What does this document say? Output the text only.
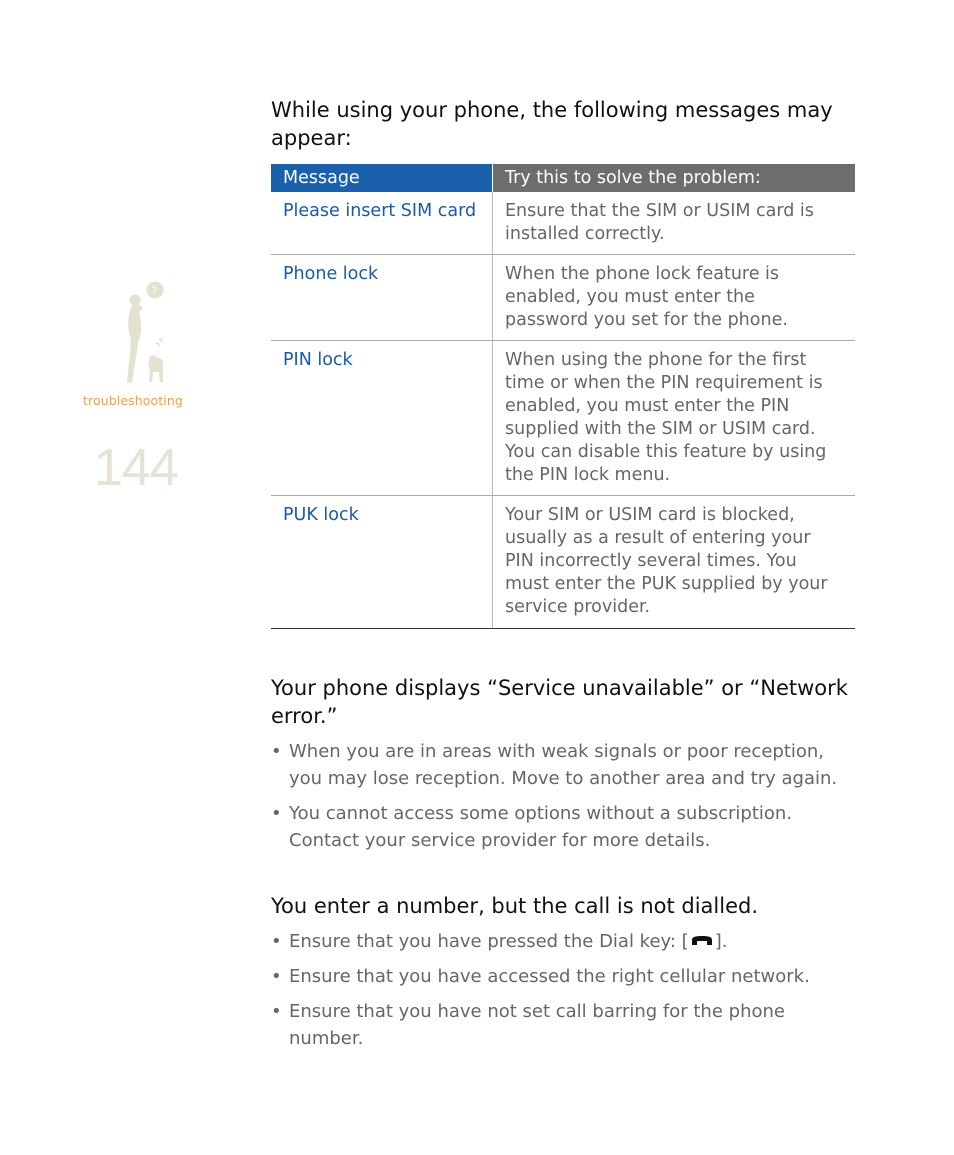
?
troubleshooting
144
While using your phone, the following messages may appear:
Message	Try this to solve the problem:
Please insert SIM card	Ensure that the SIM or USIM card is installed correctly.
Phone lock	When the phone lock feature is enabled, you must enter the password you set for the phone.
PIN lock	When using the phone for the first time or when the PIN requirement is enabled, you must enter the PIN supplied with the SIM or USIM card. You can disable this feature by using the PIN lock menu.
PUK lock	Your SIM or USIM card is blocked, usually as a result of entering your PIN incorrectly several times. You must enter the PUK supplied by your service provider.
Your phone displays “Service unavailable” or “Network error.”
• When you are in areas with weak signals or poor reception, you may lose reception. Move to another area and try again.
• You cannot access some options without a subscription. Contact your service provider for more details.
You enter a number, but the call is not dialled.
• Ensure that you have pressed the Dial key: [ ].
• Ensure that you have accessed the right cellular network.
• Ensure that you have not set call barring for the phone number.
